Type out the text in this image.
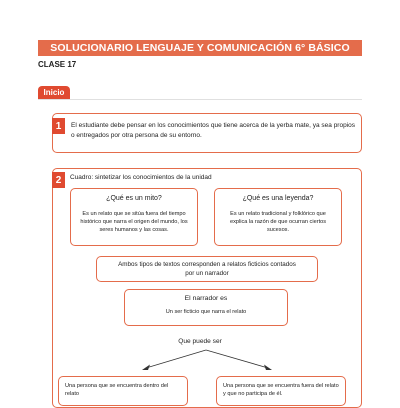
SOLUCIONARIO LENGUAJE Y COMUNICACIÓN 6° BÁSICO
CLASE 17
Inicio

El estudiante debe pensar en los conocimientos que tiene acerca de la yerba mate, ya sea propios o entregados por otra persona de su entorno.

1
2	Cuadro: sintetizar los conocimientos de la unidad
¿Qué es un mito?
Es un relato que se sitúa fuera del tiempo histórico que narra el origen del mundo, los seres humanos y las cosas.
¿Qué es una leyenda?
Es un relato tradicional y folklórico que explica la razón de que ocurran ciertos sucesos.
Ambos tipos de textos corresponden a relatos ficticios contados por un narrador
El narrador es
Un ser ficticio que narra el relato
Que puede ser
Una persona que se encuentra dentro del relato
Una persona que se encuentra fuera del relato y que no participa de él.
